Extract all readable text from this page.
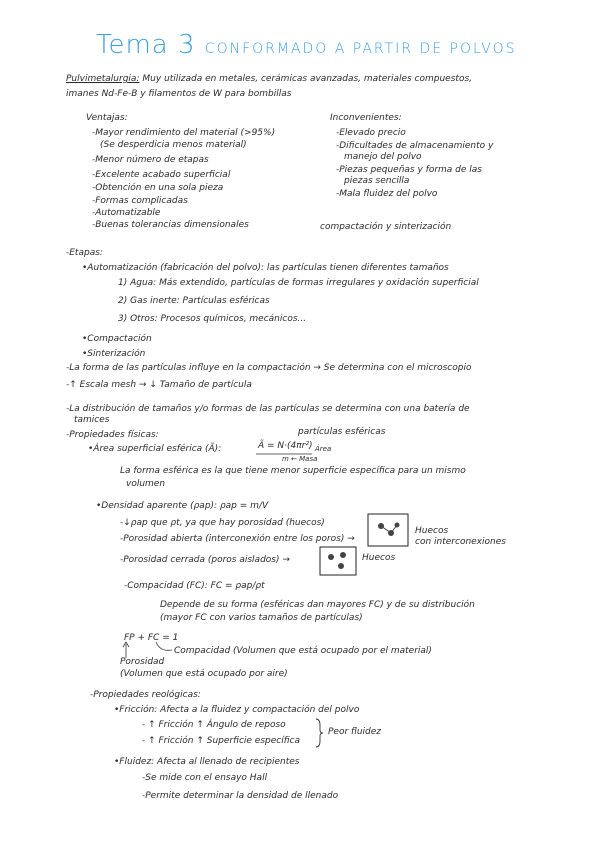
Tema 3 CONFORMADO A PARTIR DE POLVOS
Pulvimetalurgia: Muy utilizada en metales, cerámicas avanzadas, materiales compuestos,
imanes Nd-Fe-B y filamentos de W para bombillas
Ventajas:
-Mayor rendimiento del material (>95%)
(Se desperdicia menos material)
-Menor número de etapas
-Excelente acabado superficial
-Obtención en una sola pieza
-Formas complicadas
-Automatizable
-Buenas tolerancias dimensionales
Inconvenientes:
-Elevado precio
-Dificultades de almacenamiento y
manejo del polvo
-Piezas pequeñas y forma de las
piezas sencilla
-Mala fluidez del polvo
compactación y sinterización
-Etapas:
•Automatización (fabricación del polvo): las partículas tienen diferentes tamaños
1) Agua: Más extendido, partículas de formas irregulares y oxidación superficial
2) Gas inerte: Partículas esféricas
3) Otros: Procesos químicos, mecánicos...
•Compactación
•Sinterización
-La forma de las partículas influye en la compactación → Se determina con el microscopio
-↑ Escala mesh → ↓ Tamaño de partícula
-La distribución de tamaños y/o formas de las partículas se determina con una batería de
tamices
-Propiedades físicas:	partículas esféricas
•Área superficial esférica (Ã):	Ã = N·(4πr²) Área
m ← Masa
La forma esférica es la que tiene menor superficie específica para un mismo
volumen
•Densidad aparente (ρap): ρap = m/V
-↓ρap que ρt, ya que hay porosidad (huecos)
-Porosidad abierta (interconexión entre los poros) →
-Porosidad cerrada (poros aislados) →
Huecos
con interconexiones
Huecos
-Compacidad (FC): FC = ρap/ρt
Depende de su forma (esféricas dan mayores FC) y de su distribución
(mayor FC con varios tamaños de partículas)
FP + FC = 1
Compacidad (Volumen que está ocupado por el material)
Porosidad
(Volumen que está ocupado por aire)
-Propiedades reológicas:
•Fricción: Afecta a la fluidez y compactación del polvo
- ↑ Fricción ↑ Ángulo de reposo
- ↑ Fricción ↑ Superficie específica
Peor fluidez
•Fluidez: Afecta al llenado de recipientes
-Se mide con el ensayo Hall
-Permite determinar la densidad de llenado
